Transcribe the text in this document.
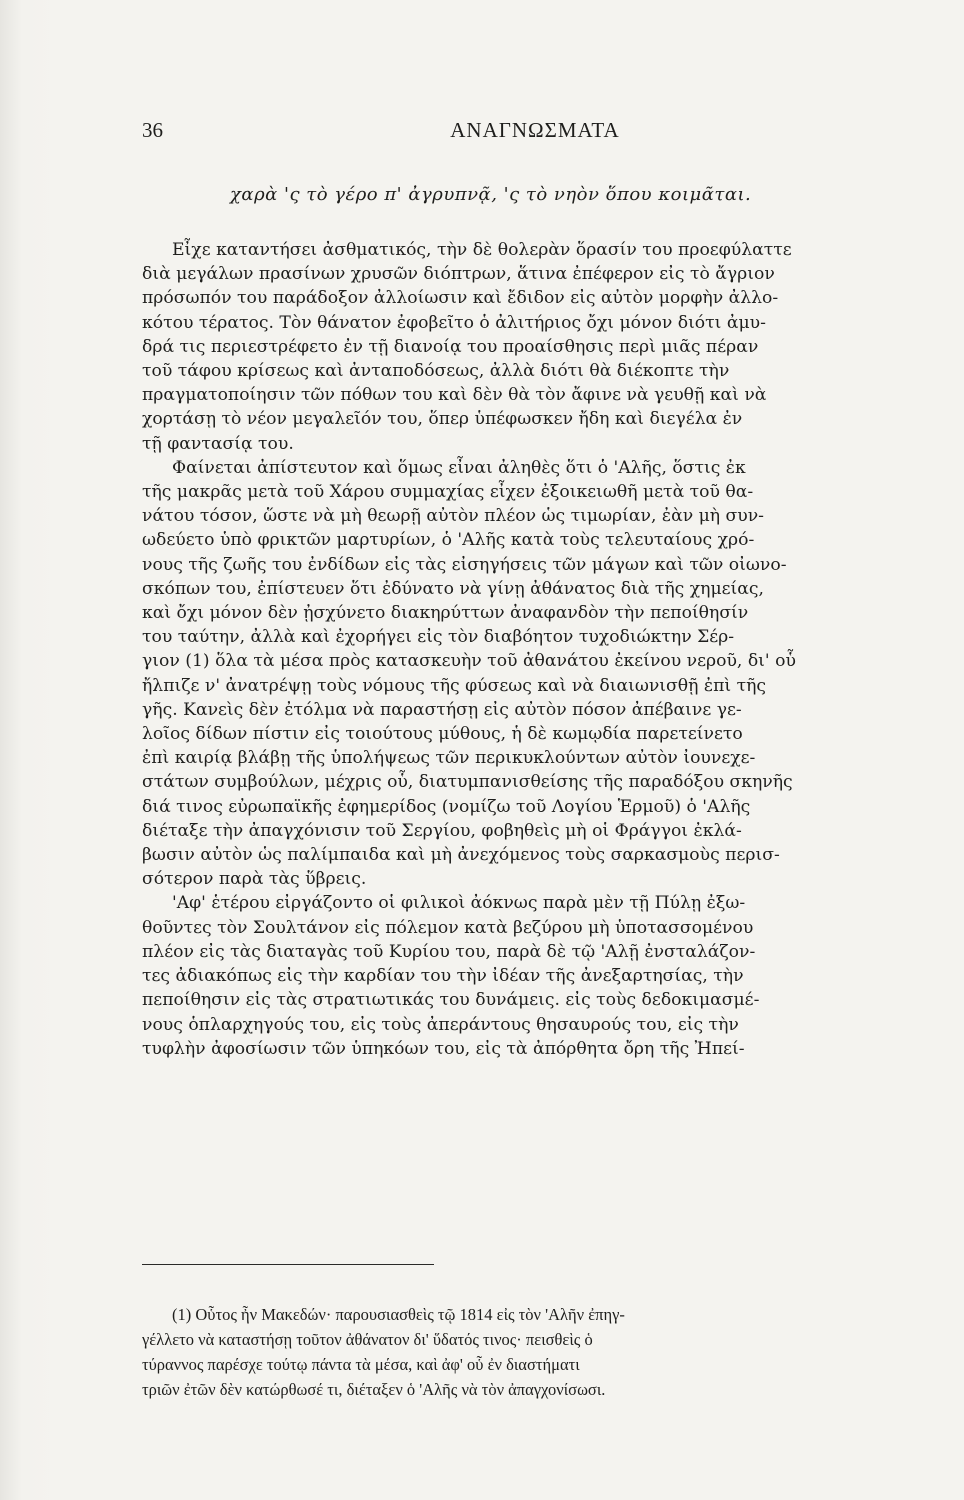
36	ΑΝΑΓΝΩΣΜΑΤΑ
χαρὰ 'ς τὸ γέρο π' ἀγρυπνᾷ, 'ς τὸ νηὸν ὅπου κοιμᾶται.
Εἶχε καταντήσει ἀσθματικός, τὴν δὲ θολερὰν ὅρασίν του προεφύλαττε
διὰ μεγάλων πρασίνων χρυσῶν διόπτρων, ἅτινα ἐπέφερον εἰς τὸ ἄγριον
πρόσωπόν του παράδοξον ἀλλοίωσιν καὶ ἔδιδον εἰς αὐτὸν μορφὴν ἀλλο-
κότου τέρατος. Τὸν θάνατον ἐφοβεῖτο ὁ ἀλιτήριος ὄχι μόνον διότι ἀμυ-
δρά τις περιεστρέφετο ἐν τῇ διανοίᾳ του προαίσθησις περὶ μιᾶς πέραν
τοῦ τάφου κρίσεως καὶ ἀνταποδόσεως, ἀλλὰ διότι θὰ διέκοπτε τὴν
πραγματοποίησιν τῶν πόθων του καὶ δὲν θὰ τὸν ἄφινε νὰ γευθῇ καὶ νὰ
χορτάσῃ τὸ νέον μεγαλεῖόν του, ὅπερ ὑπέφωσκεν ἤδη καὶ διεγέλα ἐν
τῇ φαντασίᾳ του.
Φαίνεται ἀπίστευτον καὶ ὅμως εἶναι ἀληθὲς ὅτι ὁ 'Αλῆς, ὅστις ἐκ
τῆς μακρᾶς μετὰ τοῦ Χάρου συμμαχίας εἶχεν ἐξοικειωθῆ μετὰ τοῦ θα-
νάτου τόσον, ὥστε νὰ μὴ θεωρῇ αὐτὸν πλέον ὡς τιμωρίαν, ἐὰν μὴ συν-
ωδεύετο ὑπὸ φρικτῶν μαρτυρίων, ὁ 'Αλῆς κατὰ τοὺς τελευταίους χρό-
νους τῆς ζωῆς του ἐνδίδων εἰς τὰς εἰσηγήσεις τῶν μάγων καὶ τῶν οἰωνο-
σκόπων του, ἐπίστευεν ὅτι ἐδύνατο νὰ γίνῃ ἀθάνατος διὰ τῆς χημείας,
καὶ ὄχι μόνον δὲν ᾐσχύνετο διακηρύττων ἀναφανδὸν τὴν πεποίθησίν
του ταύτην, ἀλλὰ καὶ ἐχορήγει εἰς τὸν διαβόητον τυχοδιώκτην Σέρ-
γιον (1) ὅλα τὰ μέσα πρὸς κατασκευὴν τοῦ ἀθανάτου ἐκείνου νεροῦ, δι' οὗ
ἤλπιζε ν' ἀνατρέψῃ τοὺς νόμους τῆς φύσεως καὶ νὰ διαιωνισθῇ ἐπὶ τῆς
γῆς. Κανεὶς δὲν ἐτόλμα νὰ παραστήσῃ εἰς αὐτὸν πόσον ἀπέβαινε γε-
λοῖος δίδων πίστιν εἰς τοιούτους μύθους, ἡ δὲ κωμῳδία παρετείνετο
ἐπὶ καιρίᾳ βλάβῃ τῆς ὑπολήψεως τῶν περικυκλούντων αὐτὸν ἰουνεχε-
στάτων συμβούλων, μέχρις οὗ, διατυμπανισθείσης τῆς παραδόξου σκηνῆς
διά τινος εὐρωπαϊκῆς ἐφημερίδος (νομίζω τοῦ Λογίου Ἑρμοῦ) ὁ 'Αλῆς
διέταξε τὴν ἀπαγχόνισιν τοῦ Σεργίου, φοβηθεὶς μὴ οἱ Φράγγοι ἐκλά-
βωσιν αὐτὸν ὡς παλίμπαιδα καὶ μὴ ἀνεχόμενος τοὺς σαρκασμοὺς περισ-
σότερον παρὰ τὰς ὕβρεις.
'Αφ' ἑτέρου εἰργάζοντο οἱ φιλικοὶ ἀόκνως παρὰ μὲν τῇ Πύλῃ ἐξω-
θοῦντες τὸν Σουλτάνον εἰς πόλεμον κατὰ βεζύρου μὴ ὑποτασσομένου
πλέον εἰς τὰς διαταγὰς τοῦ Κυρίου του, παρὰ δὲ τῷ 'Αλῇ ἐνσταλάζον-
τες ἀδιακόπως εἰς τὴν καρδίαν του τὴν ἰδέαν τῆς ἀνεξαρτησίας, τὴν
πεποίθησιν εἰς τὰς στρατιωτικάς του δυνάμεις. εἰς τοὺς δεδοκιμασμέ-
νους ὁπλαρχηγούς του, εἰς τοὺς ἀπεράντους θησαυρούς του, εἰς τὴν
τυφλὴν ἀφοσίωσιν τῶν ὑπηκόων του, εἰς τὰ ἀπόρθητα ὄρη τῆς Ἠπεί-
(1) Οὗτος ἦν Μακεδών· παρουσιασθεὶς τῷ 1814 εἰς τὸν 'Αλῆν ἐπηγ-
γέλλετο νὰ καταστήσῃ τοῦτον ἀθάνατον δι' ὕδατός τινος· πεισθεὶς ὁ
τύραννος παρέσχε τούτῳ πάντα τὰ μέσα, καὶ ἀφ' οὗ ἐν διαστήματι
τριῶν ἐτῶν δὲν κατώρθωσέ τι, διέταξεν ὁ 'Αλῆς νὰ τὸν ἀπαγχονίσωσι.
